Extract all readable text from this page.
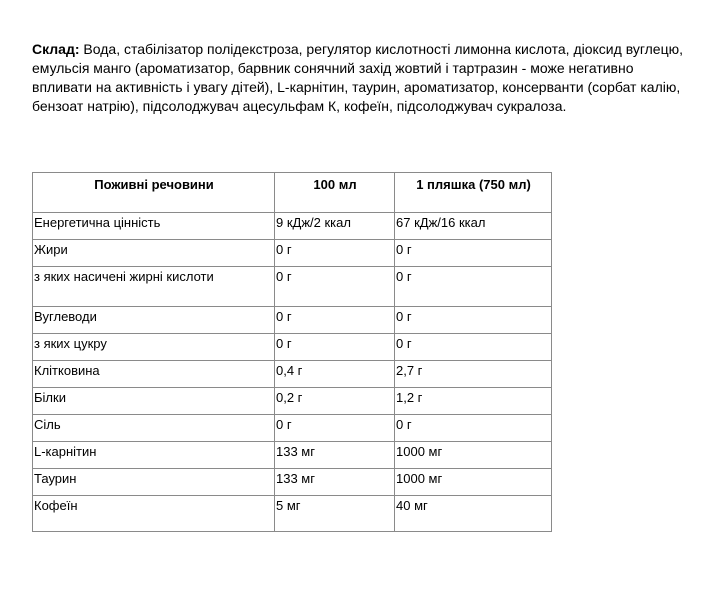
Склад: Вода, стабілізатор полідекстроза, регулятор кислотності лимонна кислота, діоксид вуглецю, емульсія манго (ароматизатор, барвник сонячний захід жовтий і тартразин - може негативно впливати на активність і увагу дітей), L-карнітин, таурин, ароматизатор, консерванти (сорбат калію, бензоат натрію), підсолоджувач ацесульфам К, кофеїн, підсолоджувач сукралоза.

Поживні речовини	100 мл	1 пляшка (750 мл)
Енергетична цінність	9 кДж/2 ккал	67 кДж/16 ккал
Жири	0 г	0 г
з яких насичені жирні кислоти	0 г	0 г
Вуглеводи	0 г	0 г
з яких цукру	0 г	0 г
Клітковина	0,4 г	2,7 г
Білки	0,2 г	1,2 г
Сіль	0 г	0 г
L-карнітин	133 мг	1000 мг
Таурин	133 мг	1000 мг
Кофеїн	5 мг	40 мг
